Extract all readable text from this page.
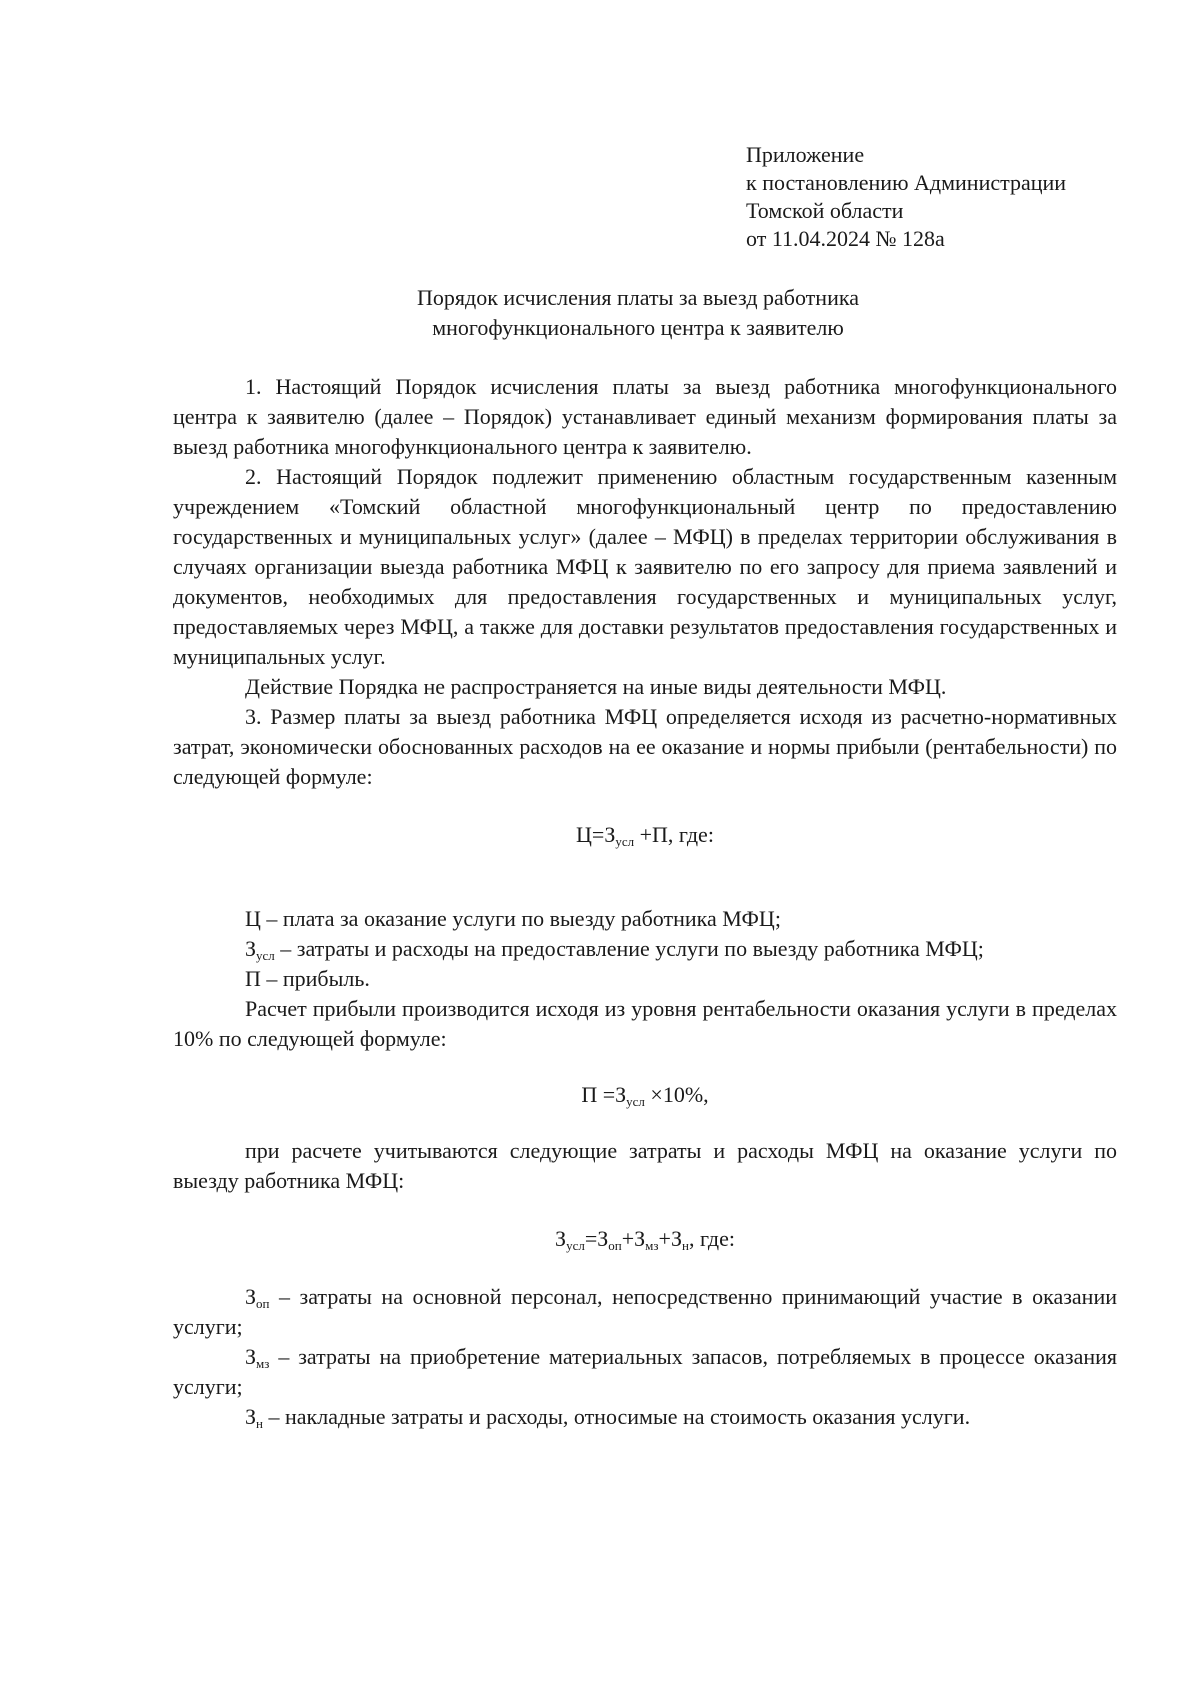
Приложение
к постановлению Администрации
Томской области
от 11.04.2024 № 128а
Порядок исчисления платы за выезд работника
многофункционального центра к заявителю

1. Настоящий Порядок исчисления платы за выезд работника многофункционального центра к заявителю (далее – Порядок) устанавливает единый механизм формирования платы за выезд работника многофункционального центра к заявителю.

2. Настоящий Порядок подлежит применению областным государственным казенным учреждением «Томский областной многофункциональный центр по предоставлению государственных и муниципальных услуг» (далее – МФЦ) в пределах территории обслуживания в случаях организации выезда работника МФЦ к заявителю по его запросу для приема заявлений и документов, необходимых для предоставления государственных и муниципальных услуг, предоставляемых через МФЦ, а также для доставки результатов предоставления государственных и муниципальных услуг.

Действие Порядка не распространяется на иные виды деятельности МФЦ.

3. Размер платы за выезд работника МФЦ определяется исходя из расчетно-нормативных затрат, экономически обоснованных расходов на ее оказание и нормы прибыли (рентабельности) по следующей формуле:

$Ц=З_{усл} +П$, где:

Ц – плата за оказание услуги по выезду работника МФЦ;

$З_{усл}$ – затраты и расходы на предоставление услуги по выезду работника МФЦ;

П – прибыль.

Расчет прибыли производится исходя из уровня рентабельности оказания услуги в пределах 10% по следующей формуле:

$П =З_{усл} \times 10\%$,

при расчете учитываются следующие затраты и расходы МФЦ на оказание услуги по выезду работника МФЦ:

$З_{усл}=З_{оп}+З_{мз}+З_н$, где:

$З_{оп}$ – затраты на основной персонал, непосредственно принимающий участие в оказании услуги;

$З_{мз}$ – затраты на приобретение материальных запасов, потребляемых в процессе оказания услуги;

$З_н$ – накладные затраты и расходы, относимые на стоимость оказания услуги.
